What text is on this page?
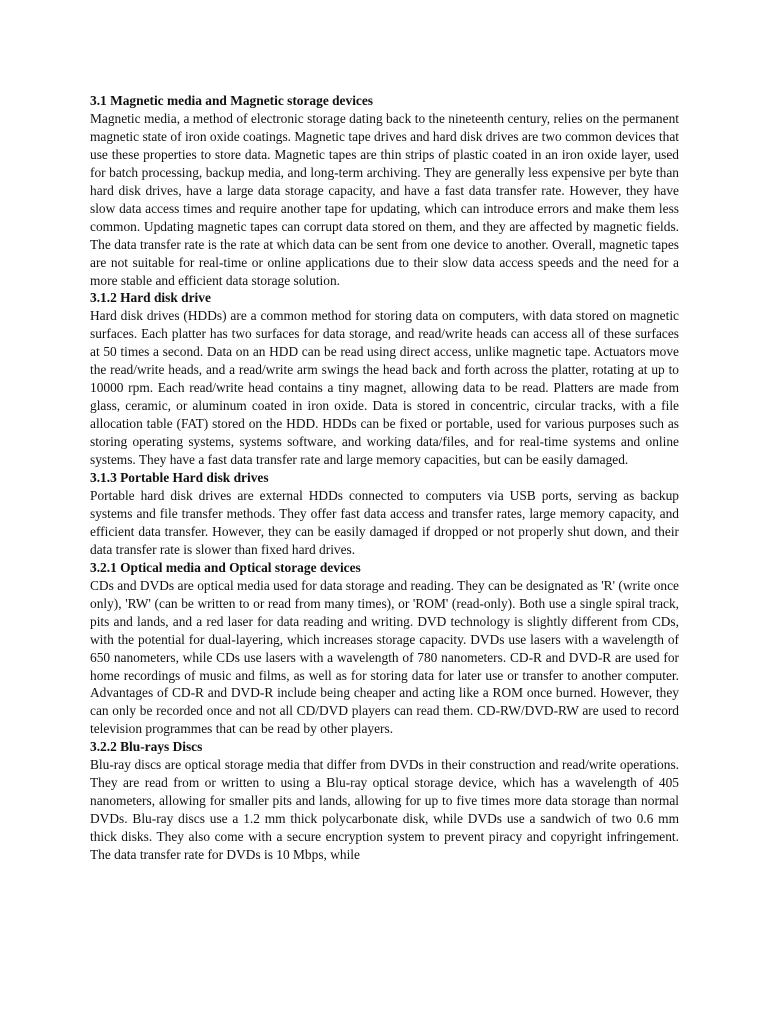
3.1 Magnetic media and Magnetic storage devices

Magnetic media, a method of electronic storage dating back to the nineteenth century, relies on the permanent magnetic state of iron oxide coatings. Magnetic tape drives and hard disk drives are two common devices that use these properties to store data. Magnetic tapes are thin strips of plastic coated in an iron oxide layer, used for batch processing, backup media, and long-term archiving. They are generally less expensive per byte than hard disk drives, have a large data storage capacity, and have a fast data transfer rate. However, they have slow data access times and require another tape for updating, which can introduce errors and make them less common. Updating magnetic tapes can corrupt data stored on them, and they are affected by magnetic fields. The data transfer rate is the rate at which data can be sent from one device to another. Overall, magnetic tapes are not suitable for real-time or online applications due to their slow data access speeds and the need for a more stable and efficient data storage solution.

3.1.2 Hard disk drive

Hard disk drives (HDDs) are a common method for storing data on computers, with data stored on magnetic surfaces. Each platter has two surfaces for data storage, and read/write heads can access all of these surfaces at 50 times a second. Data on an HDD can be read using direct access, unlike magnetic tape. Actuators move the read/write heads, and a read/write arm swings the head back and forth across the platter, rotating at up to 10000 rpm. Each read/write head contains a tiny magnet, allowing data to be read. Platters are made from glass, ceramic, or aluminum coated in iron oxide. Data is stored in concentric, circular tracks, with a file allocation table (FAT) stored on the HDD. HDDs can be fixed or portable, used for various purposes such as storing operating systems, systems software, and working data/files, and for real-time systems and online systems. They have a fast data transfer rate and large memory capacities, but can be easily damaged.

3.1.3 Portable Hard disk drives

Portable hard disk drives are external HDDs connected to computers via USB ports, serving as backup systems and file transfer methods. They offer fast data access and transfer rates, large memory capacity, and efficient data transfer. However, they can be easily damaged if dropped or not properly shut down, and their data transfer rate is slower than fixed hard drives.

3.2.1 Optical media and Optical storage devices

CDs and DVDs are optical media used for data storage and reading. They can be designated as 'R' (write once only), 'RW' (can be written to or read from many times), or 'ROM' (read-only). Both use a single spiral track, pits and lands, and a red laser for data reading and writing. DVD technology is slightly different from CDs, with the potential for dual-layering, which increases storage capacity. DVDs use lasers with a wavelength of 650 nanometers, while CDs use lasers with a wavelength of 780 nanometers. CD-R and DVD-R are used for home recordings of music and films, as well as for storing data for later use or transfer to another computer. Advantages of CD-R and DVD-R include being cheaper and acting like a ROM once burned. However, they can only be recorded once and not all CD/DVD players can read them. CD-RW/DVD-RW are used to record television programmes that can be read by other players.

3.2.2 Blu-rays Discs

Blu-ray discs are optical storage media that differ from DVDs in their construction and read/write operations. They are read from or written to using a Blu-ray optical storage device, which has a wavelength of 405 nanometers, allowing for smaller pits and lands, allowing for up to five times more data storage than normal DVDs. Blu-ray discs use a 1.2 mm thick polycarbonate disk, while DVDs use a sandwich of two 0.6 mm thick disks. They also come with a secure encryption system to prevent piracy and copyright infringement. The data transfer rate for DVDs is 10 Mbps, while
